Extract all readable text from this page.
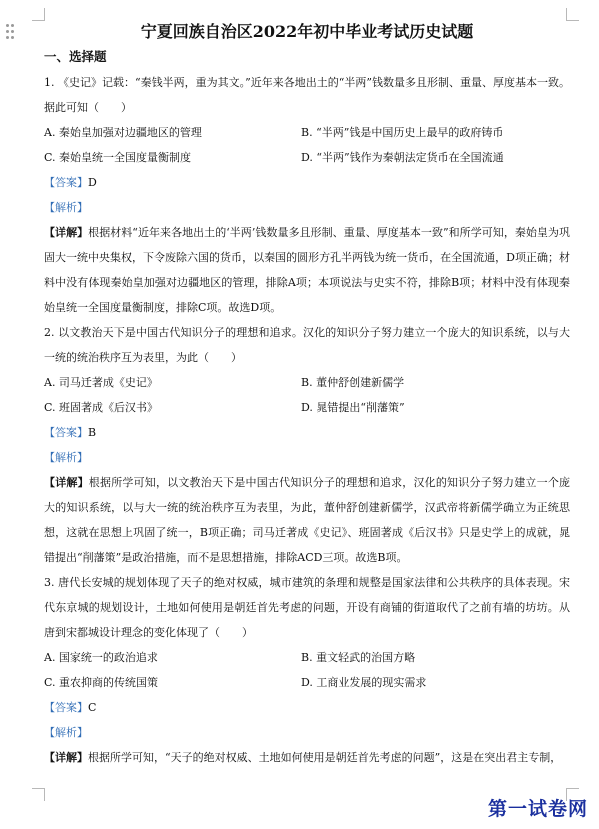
宁夏回族自治区2022年初中毕业考试历史试题
一、选择题

1. 《史记》记载：“秦钱半两，重为其文。”近年来各地出土的“半两”钱数量多且形制、重量、厚度基本一致。据此可知（　　）

A. 秦始皇加强对边疆地区的管理	B. “半两”钱是中国历史上最早的政府铸币
C. 秦始皇统一全国度量衡制度	D. “半两”钱作为秦朝法定货币在全国流通
【答案】D
【解析】

【详解】根据材料“近年来各地出土的‘半两’钱数量多且形制、重量、厚度基本一致”和所学可知，秦始皇为巩固大一统中央集权，下令废除六国的货币，以秦国的圆形方孔半两钱为统一货币，在全国流通，D项正确；材料中没有体现秦始皇加强对边疆地区的管理，排除A项；本项说法与史实不符，排除B项；材料中没有体现秦始皇统一全国度量衡制度，排除C项。故选D项。

2. 以文教治天下是中国古代知识分子的理想和追求。汉化的知识分子努力建立一个庞大的知识系统，以与大一统的统治秩序互为表里，为此（　　）

A. 司马迁著成《史记》	B. 董仲舒创建新儒学
C. 班固著成《后汉书》	D. 晁错提出“削藩策”
【答案】B
【解析】

【详解】根据所学可知，以文教治天下是中国古代知识分子的理想和追求，汉化的知识分子努力建立一个庞大的知识系统，以与大一统的统治秩序互为表里，为此，董仲舒创建新儒学，汉武帝将新儒学确立为正统思想，这就在思想上巩固了统一，B项正确；司马迁著成《史记》、班固著成《后汉书》只是史学上的成就，晁错提出“削藩策”是政治措施，而不是思想措施，排除ACD三项。故选B项。

3. 唐代长安城的规划体现了天子的绝对权威，城市建筑的条理和规整是国家法律和公共秩序的具体表现。宋代东京城的规划设计，土地如何使用是朝廷首先考虑的问题，开设有商铺的街道取代了之前有墙的坊坊。从唐到宋都城设计理念的变化体现了（　　）

A. 国家统一的政治追求	B. 重文轻武的治国方略
C. 重农抑商的传统国策	D. 工商业发展的现实需求
【答案】C
【解析】

【详解】根据所学可知，“天子的绝对权威、土地如何使用是朝廷首先考虑的问题”，这是在突出君主专制，

第一试卷网
